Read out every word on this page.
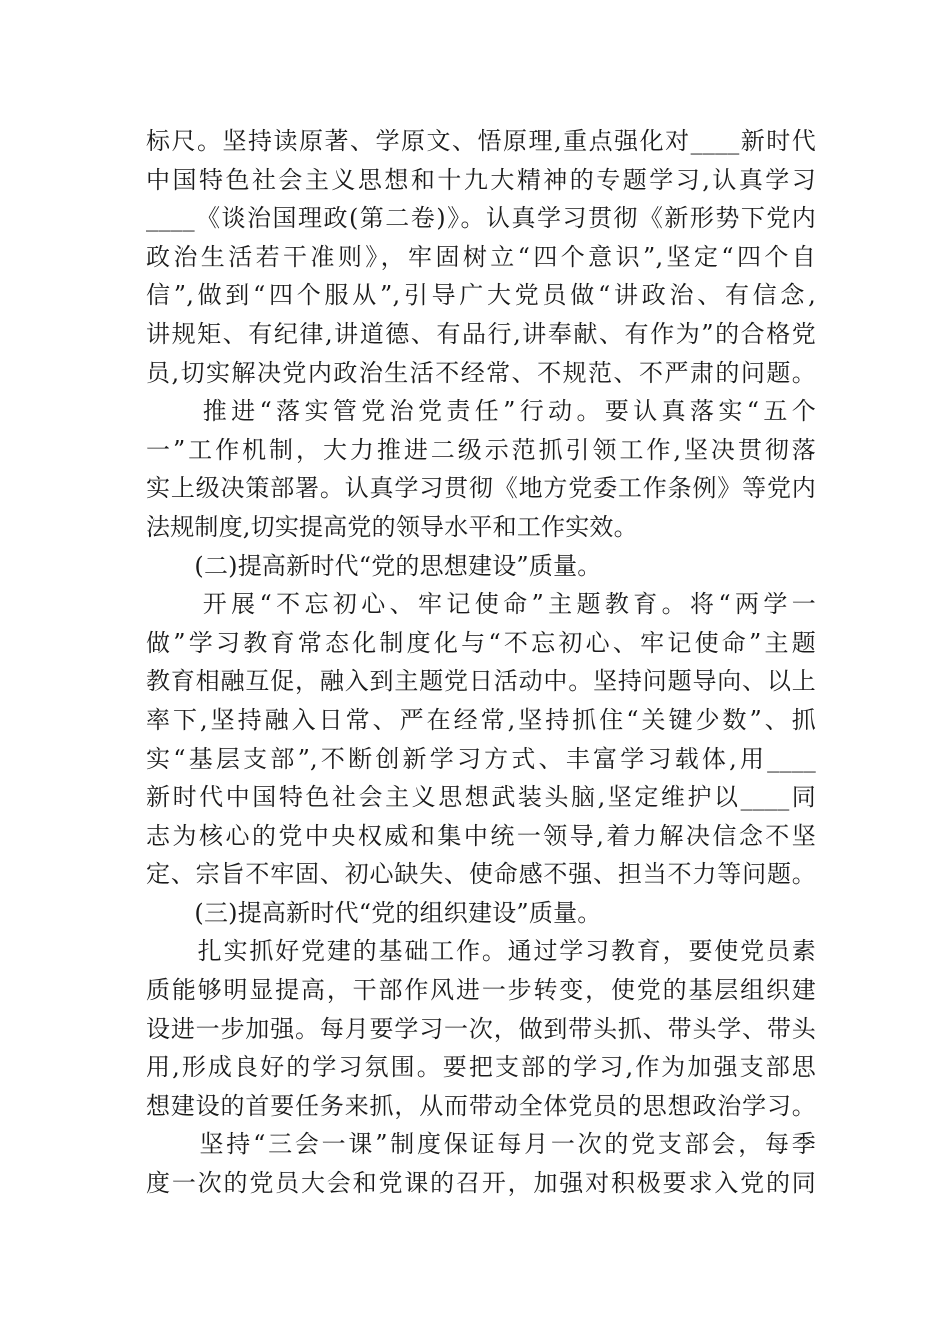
标尺。坚持读原著、学原文、悟原理,重点强化对____新时代
中国特色社会主义思想和十九大精神的专题学习,认真学习
____《谈治国理政(第二卷)》。认真学习贯彻《新形势下党内
政治生活若干准则》，牢固树立“四个意识”,坚定“四个自
信”,做到“四个服从”,引导广大党员做“讲政治、有信念,
讲规矩、有纪律,讲道德、有品行,讲奉献、有作为”的合格党
员,切实解决党内政治生活不经常、不规范、不严肃的问题。
　　推进“落实管党治党责任”行动。要认真落实“五个
一”工作机制，大力推进二级示范抓引领工作,坚决贯彻落
实上级决策部署。认真学习贯彻《地方党委工作条例》等党内
法规制度,切实提高党的领导水平和工作实效。
　　(二)提高新时代“党的思想建设”质量。
　　开展“不忘初心、牢记使命”主题教育。将“两学一
做”学习教育常态化制度化与“不忘初心、牢记使命”主题
教育相融互促，融入到主题党日活动中。坚持问题导向、以上
率下,坚持融入日常、严在经常,坚持抓住“关键少数”、抓
实“基层支部”,不断创新学习方式、丰富学习载体,用____
新时代中国特色社会主义思想武装头脑,坚定维护以____同
志为核心的党中央权威和集中统一领导,着力解决信念不坚
定、宗旨不牢固、初心缺失、使命感不强、担当不力等问题。
　　(三)提高新时代“党的组织建设”质量。
　　扎实抓好党建的基础工作。通过学习教育，要使党员素
质能够明显提高，干部作风进一步转变，使党的基层组织建
设进一步加强。每月要学习一次，做到带头抓、带头学、带头
用,形成良好的学习氛围。要把支部的学习,作为加强支部思
想建设的首要任务来抓，从而带动全体党员的思想政治学习。
　　坚持“三会一课”制度保证每月一次的党支部会，每季
度一次的党员大会和党课的召开，加强对积极要求入党的同
